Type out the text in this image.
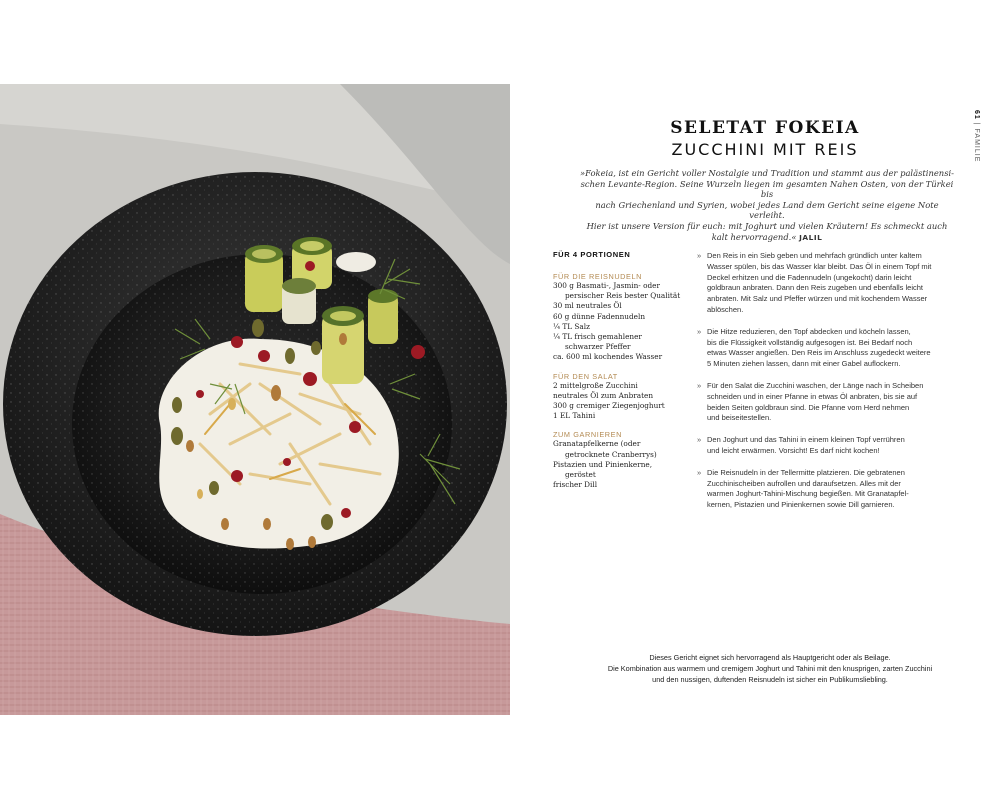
SELETAT FOKEIA
ZUCCHINI MIT REIS
»Fokeia, ist ein Gericht voller Nostalgie und Tradition und stammt aus der palästinensi-
schen Levante-Region. Seine Wurzeln liegen im gesamten Nahen Osten, von der Türkei bis
nach Griechenland und Syrien, wobei jedes Land dem Gericht seine eigene Note verleiht.
Hier ist unsere Version für euch: mit Joghurt und vielen Kräutern! Es schmeckt auch
kalt hervorragend.« JALIL
61 | FAMILIE
FÜR 4 PORTIONEN
FÜR DIE REISNUDELN
300 g Basmati-, Jasmin- oder
persischer Reis bester Qualität
30 ml neutrales Öl
60 g dünne Fadennudeln
¼ TL Salz
¼ TL frisch gemahlener
schwarzer Pfeffer
ca. 600 ml kochendes Wasser
FÜR DEN SALAT
2 mittelgroße Zucchini
neutrales Öl zum Anbraten
300 g cremiger Ziegenjoghurt
1 EL Tahini
ZUM GARNIEREN
Granatapfelkerne (oder
getrocknete Cranberrys)
Pistazien und Pinienkerne,
geröstet
frischer Dill
» Den Reis in ein Sieb geben und mehrfach gründlich unter kaltem
Wasser spülen, bis das Wasser klar bleibt. Das Öl in einem Topf mit
Deckel erhitzen und die Fadennudeln (ungekocht) darin leicht
goldbraun anbraten. Dann den Reis zugeben und ebenfalls leicht
anbraten. Mit Salz und Pfeffer würzen und mit kochendem Wasser
ablöschen.
» Die Hitze reduzieren, den Topf abdecken und köcheln lassen,
bis die Flüssigkeit vollständig aufgesogen ist. Bei Bedarf noch
etwas Wasser angießen. Den Reis im Anschluss zugedeckt weitere
5 Minuten ziehen lassen, dann mit einer Gabel auflockern.
» Für den Salat die Zucchini waschen, der Länge nach in Scheiben
schneiden und in einer Pfanne in etwas Öl anbraten, bis sie auf
beiden Seiten goldbraun sind. Die Pfanne vom Herd nehmen
und beiseitestellen.
» Den Joghurt und das Tahini in einem kleinen Topf verrühren
und leicht erwärmen. Vorsicht! Es darf nicht kochen!
» Die Reisnudeln in der Tellermitte platzieren. Die gebratenen
Zucchinischeiben aufrollen und daraufsetzen. Alles mit der
warmen Joghurt-Tahini-Mischung begießen. Mit Granatapfel-
kernen, Pistazien und Pinienkernen sowie Dill garnieren.
Dieses Gericht eignet sich hervorragend als Hauptgericht oder als Beilage.
Die Kombination aus warmem und cremigem Joghurt und Tahini mit den knusprigen, zarten Zucchini
und den nussigen, duftenden Reisnudeln ist sicher ein Publikumsliebling.
